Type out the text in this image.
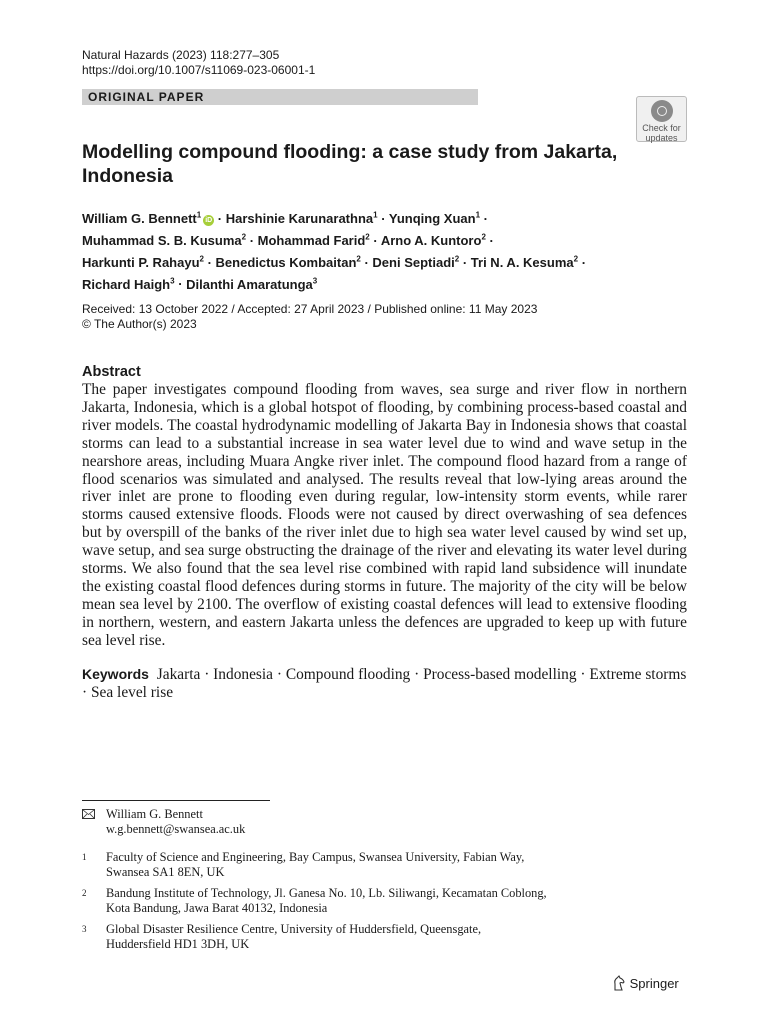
Natural Hazards (2023) 118:277–305
https://doi.org/10.1007/s11069-023-06001-1
ORIGINAL PAPER
Check for
updates
Modelling compound flooding: a case study from Jakarta, Indonesia
William G. Bennett$^1$iD · Harshinie Karunarathna$^1$ · Yunqing Xuan$^1$ ·
Muhammad S. B. Kusuma$^2$ · Mohammad Farid$^2$ · Arno A. Kuntoro$^2$ ·
Harkunti P. Rahayu$^2$ · Benedictus Kombaitan$^2$ · Deni Septiadi$^2$ · Tri N. A. Kesuma$^2$ ·
Richard Haigh$^3$ · Dilanthi Amaratunga$^3$
Received: 13 October 2022 / Accepted: 27 April 2023 / Published online: 11 May 2023
© The Author(s) 2023
Abstract
The paper investigates compound flooding from waves, sea surge and river flow in northern Jakarta, Indonesia, which is a global hotspot of flooding, by combining process-based coastal and river models. The coastal hydrodynamic modelling of Jakarta Bay in Indonesia shows that coastal storms can lead to a substantial increase in sea water level due to wind and wave setup in the nearshore areas, including Muara Angke river inlet. The compound flood hazard from a range of flood scenarios was simulated and analysed. The results reveal that low-lying areas around the river inlet are prone to flooding even during regular, low-intensity storm events, while rarer storms caused extensive floods. Floods were not caused by direct overwashing of sea defences but by overspill of the banks of the river inlet due to high sea water level caused by wind set up, wave setup, and sea surge obstructing the drainage of the river and elevating its water level during storms. We also found that the sea level rise combined with rapid land subsidence will inundate the existing coastal flood defences during storms in future. The majority of the city will be below mean sea level by 2100. The overflow of existing coastal defences will lead to extensive flooding in northern, western, and eastern Jakarta unless the defences are upgraded to keep up with future sea level rise.
Keywords Jakarta · Indonesia · Compound flooding · Process-based modelling · Extreme storms · Sea level rise
William G. Bennett
w.g.bennett@swansea.ac.uk
1 Faculty of Science and Engineering, Bay Campus, Swansea University, Fabian Way,
Swansea SA1 8EN, UK
2 Bandung Institute of Technology, Jl. Ganesa No. 10, Lb. Siliwangi, Kecamatan Coblong,
Kota Bandung, Jawa Barat 40132, Indonesia
3 Global Disaster Resilience Centre, University of Huddersfield, Queensgate,
Huddersfield HD1 3DH, UK
Springer
